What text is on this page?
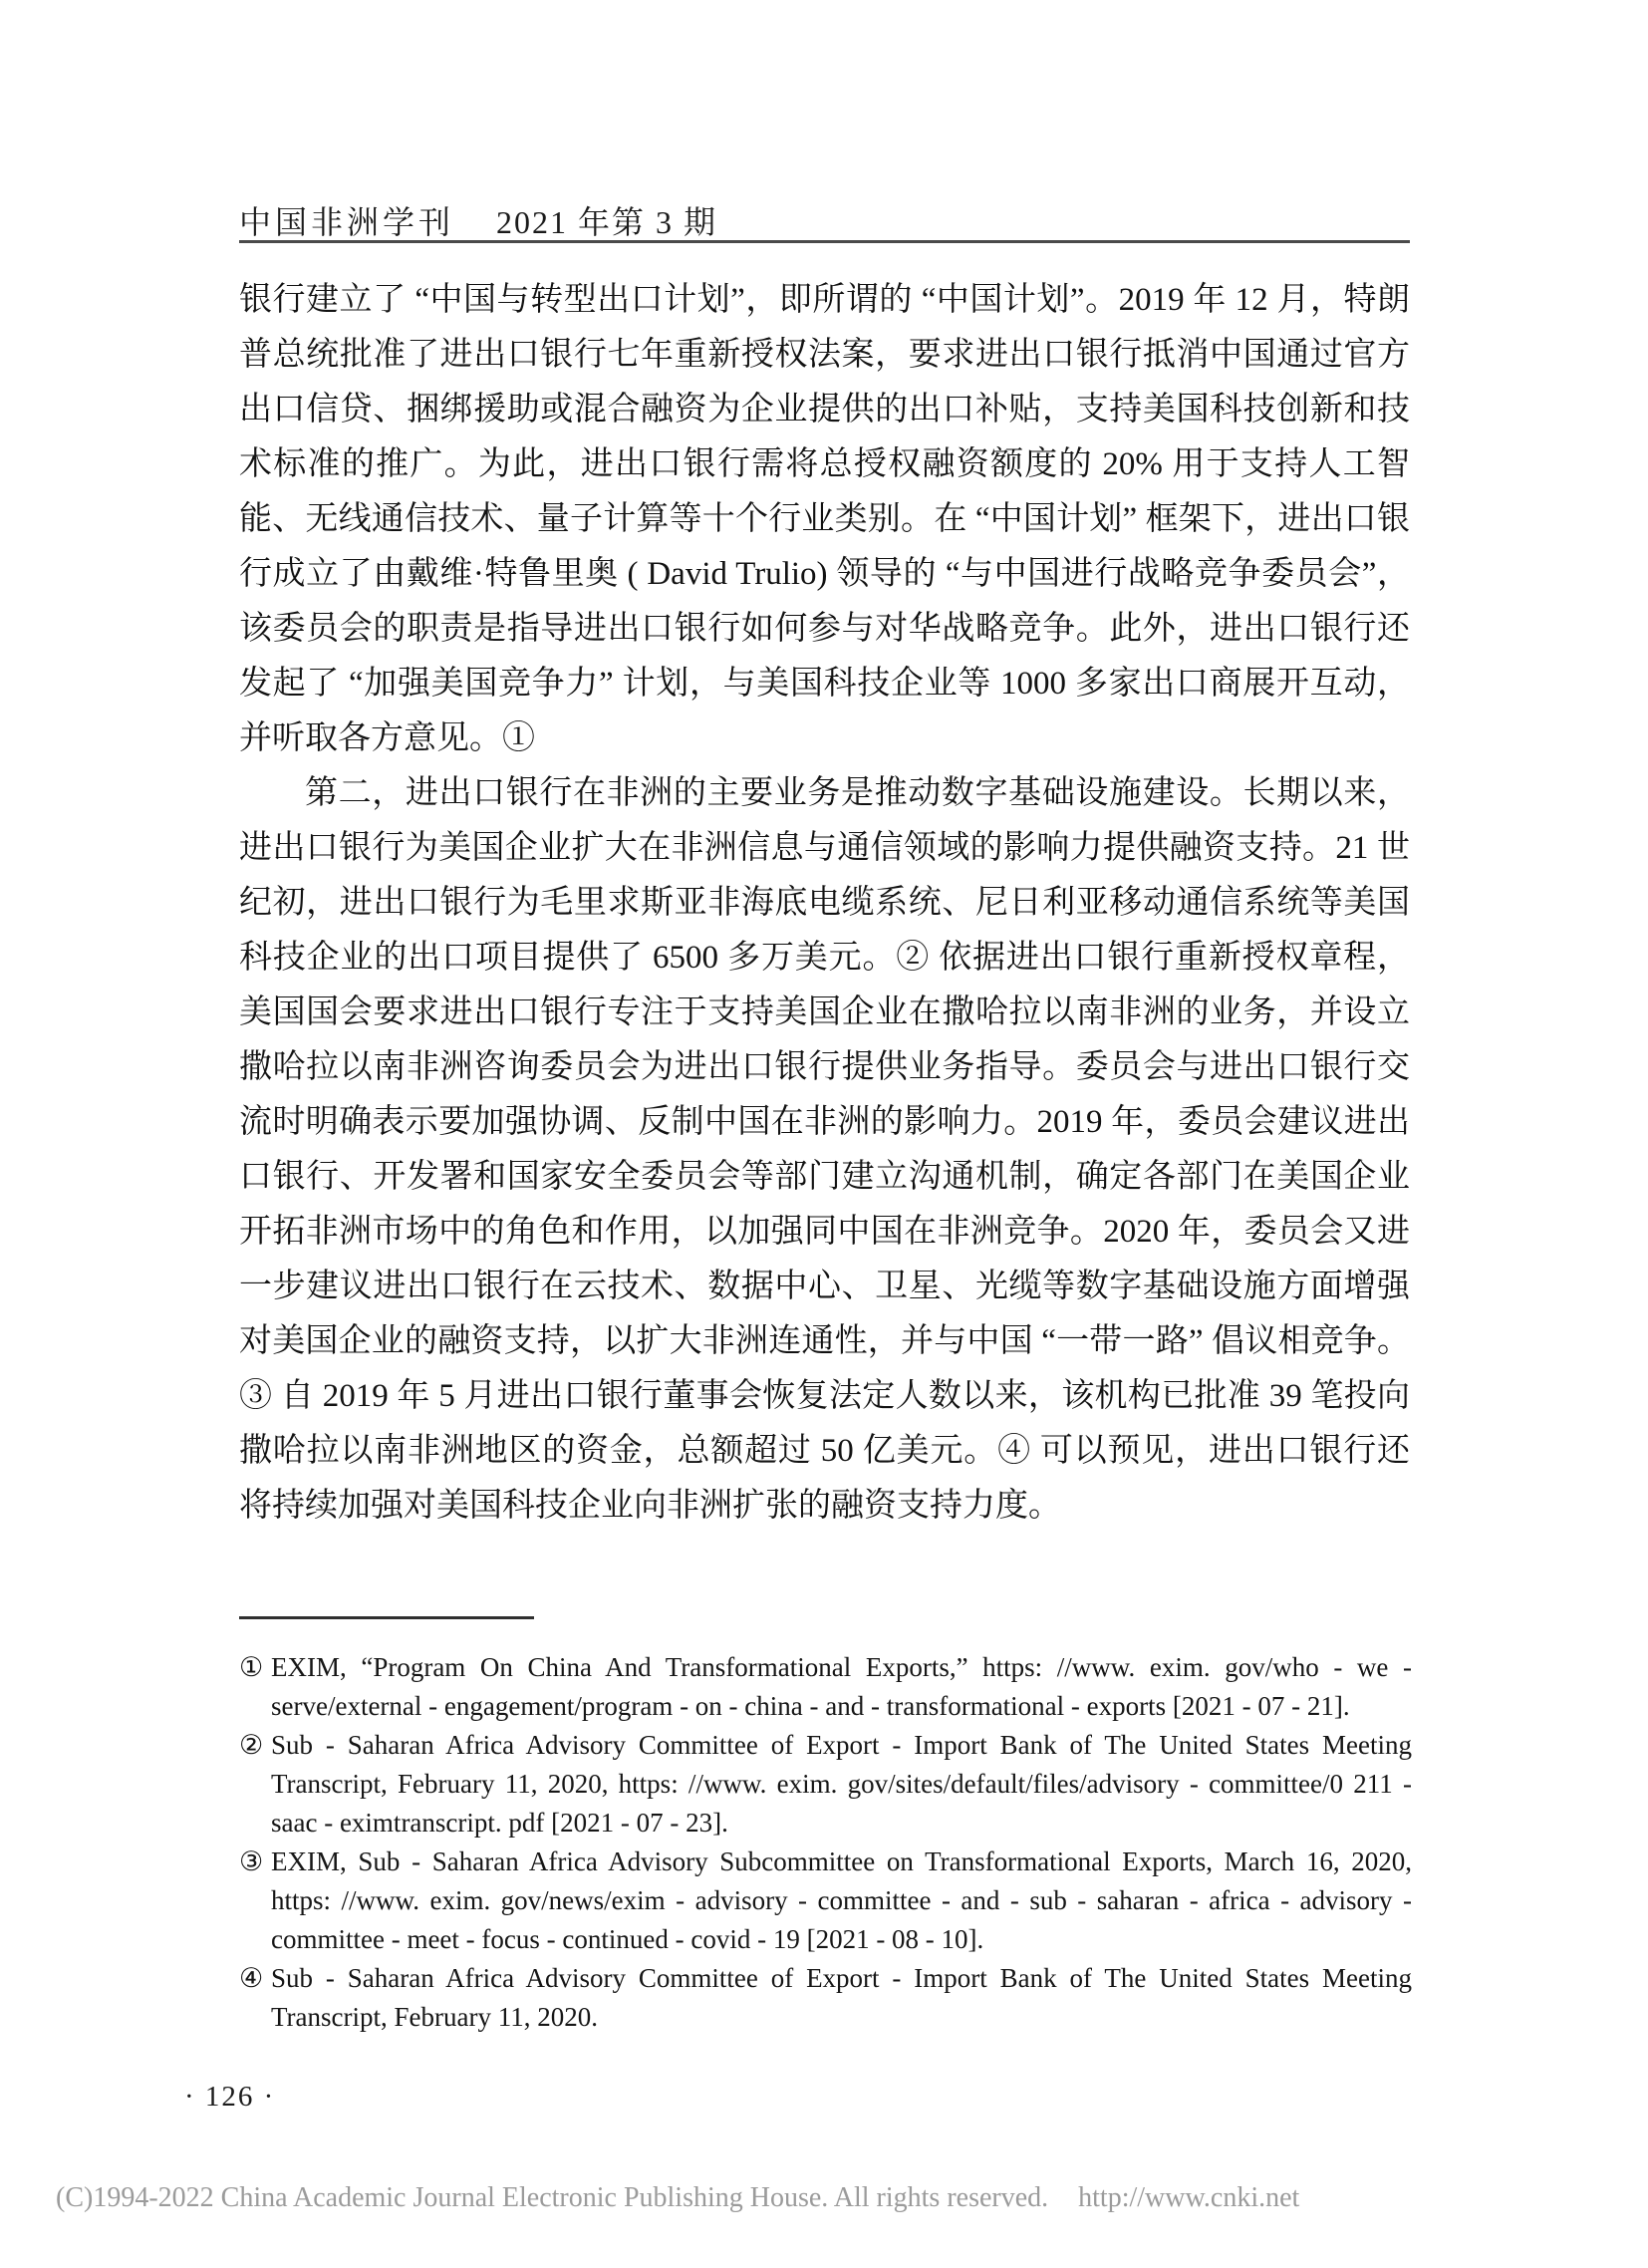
中国非洲学刊 2021 年第 3 期

银行建立了 “中国与转型出口计划”，即所谓的 “中国计划”。2019 年 12 月，特朗普总统批准了进出口银行七年重新授权法案，要求进出口银行抵消中国通过官方出口信贷、捆绑援助或混合融资为企业提供的出口补贴，支持美国科技创新和技术标准的推广。为此，进出口银行需将总授权融资额度的 20% 用于支持人工智能、无线通信技术、量子计算等十个行业类别。在 “中国计划” 框架下，进出口银行成立了由戴维·特鲁里奥 ( David Trulio) 领导的 “与中国进行战略竞争委员会”，该委员会的职责是指导进出口银行如何参与对华战略竞争。此外，进出口银行还发起了 “加强美国竞争力” 计划，与美国科技企业等 1000 多家出口商展开互动，并听取各方意见。①

第二，进出口银行在非洲的主要业务是推动数字基础设施建设。长期以来，进出口银行为美国企业扩大在非洲信息与通信领域的影响力提供融资支持。21 世纪初，进出口银行为毛里求斯亚非海底电缆系统、尼日利亚移动通信系统等美国科技企业的出口项目提供了 6500 多万美元。② 依据进出口银行重新授权章程，美国国会要求进出口银行专注于支持美国企业在撒哈拉以南非洲的业务，并设立撒哈拉以南非洲咨询委员会为进出口银行提供业务指导。委员会与进出口银行交流时明确表示要加强协调、反制中国在非洲的影响力。2019 年，委员会建议进出口银行、开发署和国家安全委员会等部门建立沟通机制，确定各部门在美国企业开拓非洲市场中的角色和作用，以加强同中国在非洲竞争。2020 年，委员会又进一步建议进出口银行在云技术、数据中心、卫星、光缆等数字基础设施方面增强对美国企业的融资支持，以扩大非洲连通性，并与中国 “一带一路” 倡议相竞争。③ 自 2019 年 5 月进出口银行董事会恢复法定人数以来，该机构已批准 39 笔投向撒哈拉以南非洲地区的资金，总额超过 50 亿美元。④ 可以预见，进出口银行还将持续加强对美国科技企业向非洲扩张的融资支持力度。

① EXIM, “Program On China And Transformational Exports,” https: //www. exim. gov/who - we - serve/external - engagement/program - on - china - and - transformational - exports [2021 - 07 - 21].
② Sub - Saharan Africa Advisory Committee of Export - Import Bank of The United States Meeting Transcript, February 11, 2020, https: //www. exim. gov/sites/default/files/advisory - committee/0 211 - saac - eximtranscript. pdf [2021 - 07 - 23].
③ EXIM, Sub - Saharan Africa Advisory Subcommittee on Transformational Exports, March 16, 2020, https: //www. exim. gov/news/exim - advisory - committee - and - sub - saharan - africa - advisory - committee - meet - focus - continued - covid - 19 [2021 - 08 - 10].
④ Sub - Saharan Africa Advisory Committee of Export - Import Bank of The United States Meeting Transcript, February 11, 2020.
· 126 ·
(C)1994-2022 China Academic Journal Electronic Publishing House. All rights reserved. http://www.cnki.net
